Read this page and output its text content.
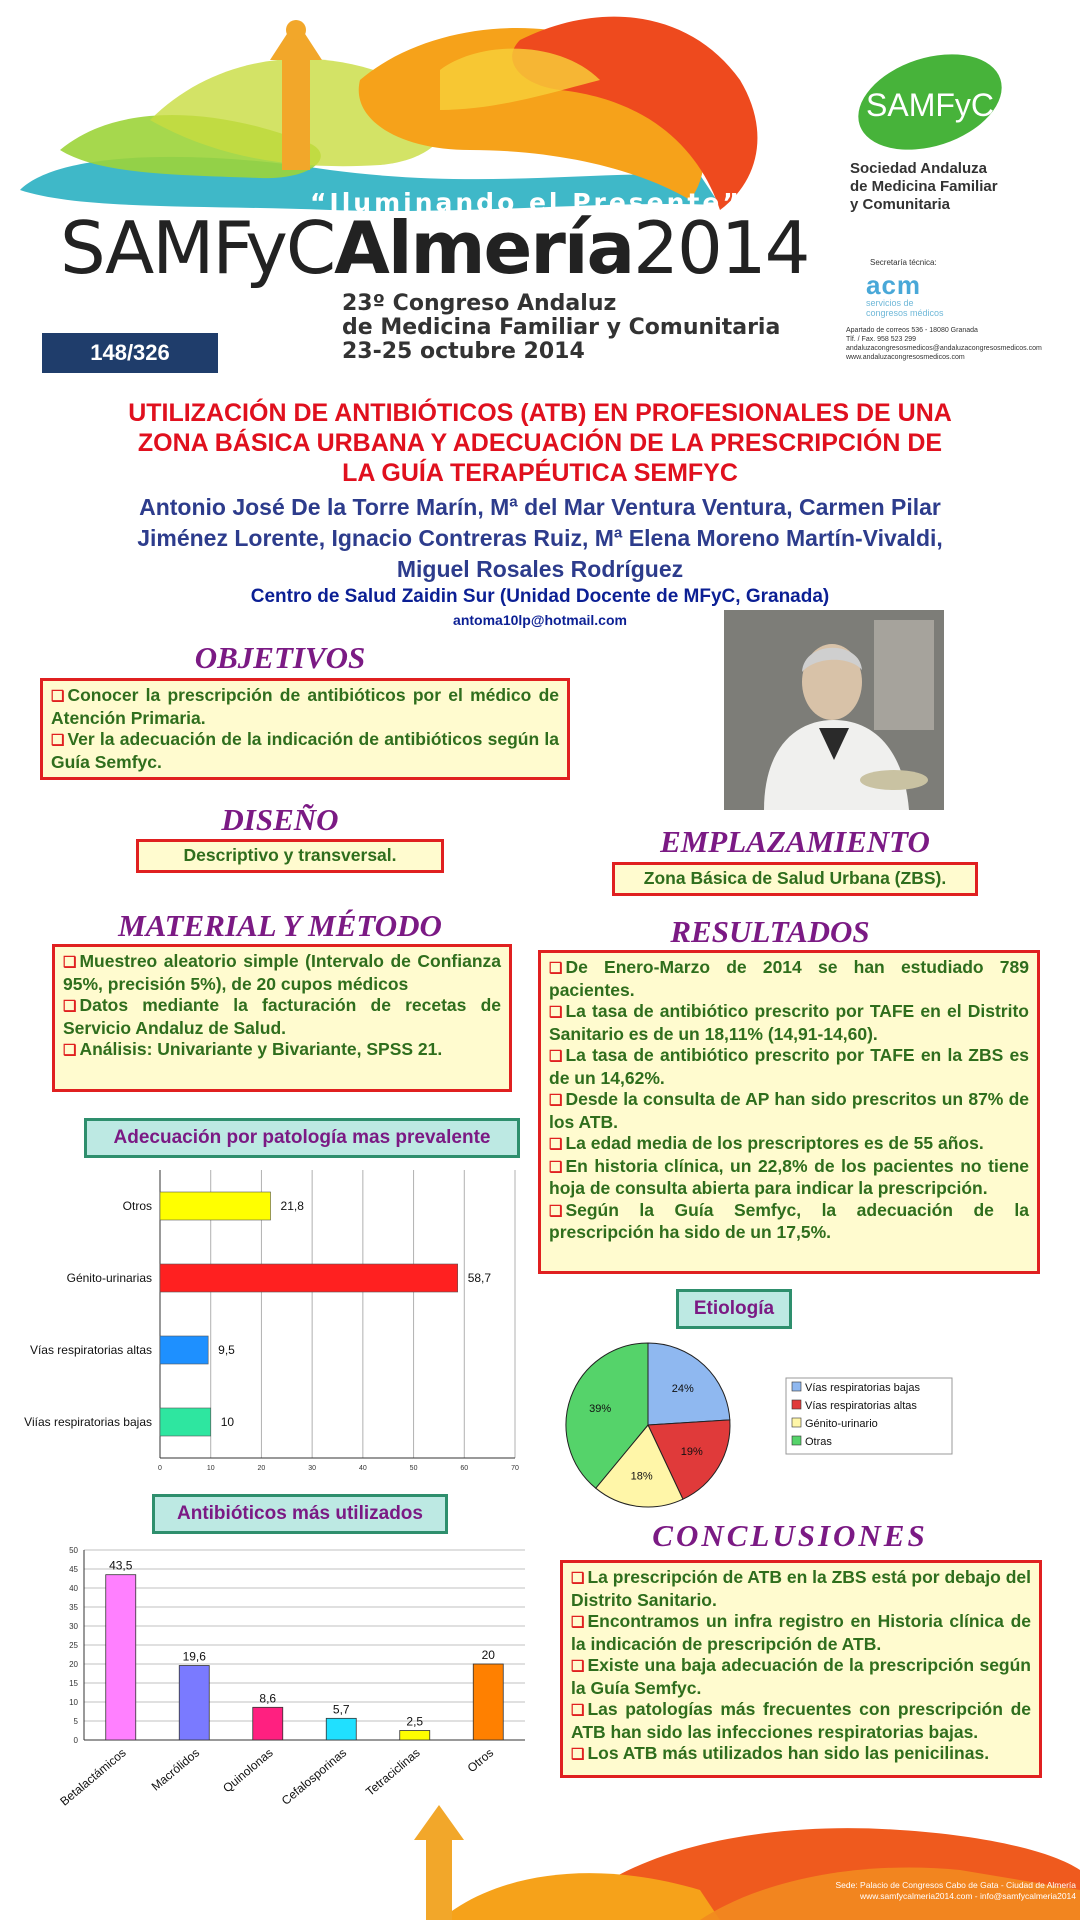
“Iluminando el Presente”
SAMFyCAlmería2014
23º Congreso Andaluz
de Medicina Familiar y Comunitaria
23-25 octubre 2014
148/326
SAMFyC
Sociedad Andaluza
de Medicina Familiar
y Comunitaria
Secretaría técnica:
acm
servicios de congresos médicos
Apartado de correos 536 - 18080 Granada
Tlf. / Fax. 958 523 299
andaluzacongresosmedicos@andaluzacongresosmedicos.com
www.andaluzacongresosmedicos.com
UTILIZACIÓN DE ANTIBIÓTICOS (ATB) EN PROFESIONALES DE UNA
ZONA BÁSICA URBANA Y ADECUACIÓN DE LA PRESCRIPCIÓN DE
LA GUÍA TERAPÉUTICA SEMFYC
Antonio José De la Torre Marín, Mª del Mar Ventura Ventura, Carmen Pilar
Jiménez Lorente, Ignacio Contreras Ruiz, Mª Elena Moreno Martín-Vivaldi,
Miguel Rosales Rodríguez
Centro de Salud Zaidin Sur (Unidad Docente de MFyC, Granada)
antoma10lp@hotmail.com
OBJETIVOS
❑ Conocer la prescripción de antibióticos por el médico de Atención Primaria.
❑ Ver la adecuación de la indicación de antibióticos según la Guía Semfyc.
DISEÑO
Descriptivo y transversal.	EMPLAZAMIENTO
Zona Básica de Salud Urbana (ZBS).
MATERIAL Y MÉTODO
❑ Muestreo aleatorio simple (Intervalo de Confianza 95%, precisión 5%), de 20 cupos médicos
❑ Datos mediante la facturación de recetas de Servicio Andaluz de Salud.
❑ Análisis: Univariante y Bivariante, SPSS 21.
RESULTADOS
❑ De Enero-Marzo de 2014 se han estudiado 789 pacientes.
❑ La tasa de antibiótico prescrito por TAFE en el Distrito Sanitario es de un 18,11% (14,91-14,60).
❑ La tasa de antibiótico prescrito por TAFE en la ZBS es de un 14,62%.
❑ Desde la consulta de AP han sido prescritos un 87% de los ATB.
❑ La edad media de los prescriptores es de 55 años.
❑ En historia clínica, un 22,8% de los pacientes no tiene hoja de consulta abierta para indicar la prescripción.
❑ Según la Guía Semfyc, la adecuación de la prescripción ha sido de un 17,5%.
Adecuación por patología mas prevalente
Etiología
Antibióticos más utilizados
0	10	20	30	40	50	60	70
Otros	21,8
Génito-urinarias	58,7
Vías respiratorias altas	9,5
Viías respiratorias bajas	10
24%
19%
18%
39%
Vías respiratorias bajas
Vías respiratorias altas
Génito-urinario
Otras
0
5
10
15
20
25
30
35
40
45
50
43,5
Betalactámicos
19,6
Macrólidos
8,6
Quinolonas
5,7
Cefalosporinas
2,5
Tetraciclinas
20
Otros
CONCLUSIONES
❑ La prescripción de ATB en la ZBS está por debajo del Distrito Sanitario.
❑ Encontramos un infra registro en Historia clínica de la indicación de prescripción de ATB.
❑ Existe una baja adecuación de la prescripción según la Guía Semfyc.
❑ Las patologías más frecuentes con prescripción de ATB han sido las infecciones respiratorias bajas.
❑ Los ATB más utilizados han sido las penicilinas.
Sede: Palacio de Congresos Cabo de Gata - Ciudad de Almería
www.samfycalmeria2014.com - info@samfycalmeria2014
